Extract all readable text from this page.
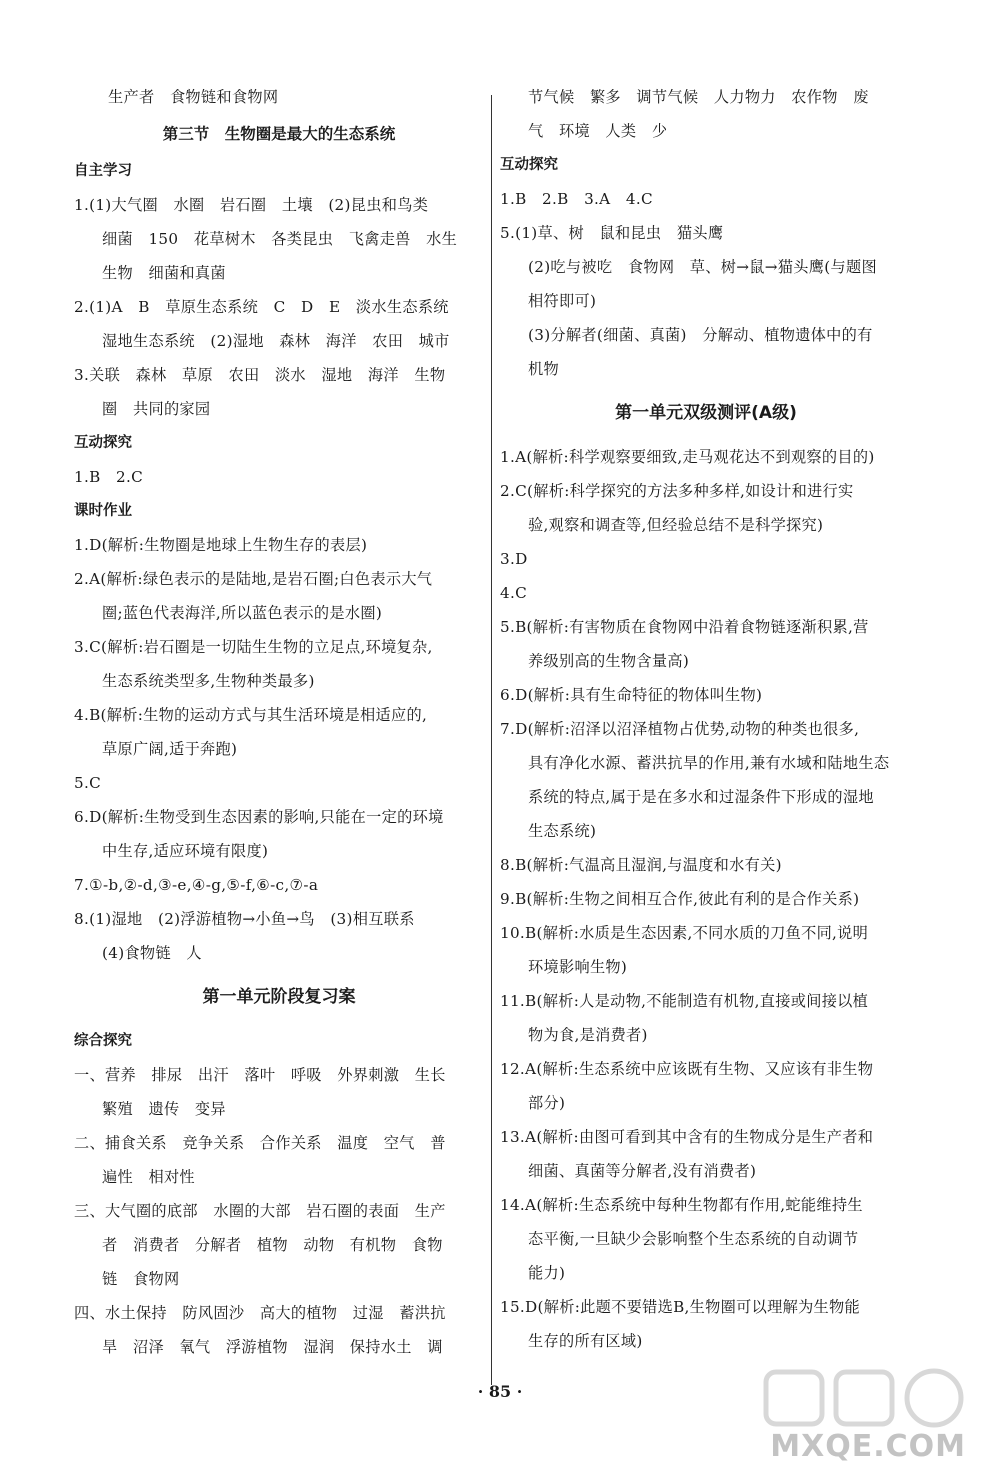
生产者　食物链和食物网
第三节　生物圈是最大的生态系统
自主学习
1.(1)大气圈　水圈　岩石圈　土壤　(2)昆虫和鸟类
细菌　150　花草树木　各类昆虫　飞禽走兽　水生
生物　细菌和真菌
2.(1)A　B　草原生态系统　C　D　E　淡水生态系统
湿地生态系统　(2)湿地　森林　海洋　农田　城市
3.关联　森林　草原　农田　淡水　湿地　海洋　生物
圈　共同的家园
互动探究
1.B　2.C
课时作业
1.D(解析:生物圈是地球上生物生存的表层)
2.A(解析:绿色表示的是陆地,是岩石圈;白色表示大气
圈;蓝色代表海洋,所以蓝色表示的是水圈)
3.C(解析:岩石圈是一切陆生生物的立足点,环境复杂,
生态系统类型多,生物种类最多)
4.B(解析:生物的运动方式与其生活环境是相适应的,
草原广阔,适于奔跑)
5.C
6.D(解析:生物受到生态因素的影响,只能在一定的环境
中生存,适应环境有限度)
7.①-b,②-d,③-e,④-g,⑤-f,⑥-c,⑦-a
8.(1)湿地　(2)浮游植物→小鱼→鸟　(3)相互联系
(4)食物链　人
第一单元阶段复习案
综合探究
一、营养　排尿　出汗　落叶　呼吸　外界刺激　生长
繁殖　遗传　变异
二、捕食关系　竞争关系　合作关系　温度　空气　普
遍性　相对性
三、大气圈的底部　水圈的大部　岩石圈的表面　生产
者　消费者　分解者　植物　动物　有机物　食物
链　食物网
四、水土保持　防风固沙　高大的植物　过湿　蓄洪抗
旱　沼泽　氧气　浮游植物　湿润　保持水土　调
节气候　繁多　调节气候　人力物力　农作物　废
气　环境　人类　少
互动探究
1.B　2.B　3.A　4.C
5.(1)草、树　鼠和昆虫　猫头鹰
(2)吃与被吃　食物网　草、树→鼠→猫头鹰(与题图
相符即可)
(3)分解者(细菌、真菌)　分解动、植物遗体中的有
机物
第一单元双级测评(A级)
1.A(解析:科学观察要细致,走马观花达不到观察的目的)
2.C(解析:科学探究的方法多种多样,如设计和进行实
验,观察和调查等,但经验总结不是科学探究)
3.D
4.C
5.B(解析:有害物质在食物网中沿着食物链逐渐积累,营
养级别高的生物含量高)
6.D(解析:具有生命特征的物体叫生物)
7.D(解析:沼泽以沼泽植物占优势,动物的种类也很多,
具有净化水源、蓄洪抗旱的作用,兼有水域和陆地生态
系统的特点,属于是在多水和过湿条件下形成的湿地
生态系统)
8.B(解析:气温高且湿润,与温度和水有关)
9.B(解析:生物之间相互合作,彼此有利的是合作关系)
10.B(解析:水质是生态因素,不同水质的刀鱼不同,说明
环境影响生物)
11.B(解析:人是动物,不能制造有机物,直接或间接以植
物为食,是消费者)
12.A(解析:生态系统中应该既有生物、又应该有非生物
部分)
13.A(解析:由图可看到其中含有的生物成分是生产者和
细菌、真菌等分解者,没有消费者)
14.A(解析:生态系统中每种生物都有作用,蛇能维持生
态平衡,一旦缺少会影响整个生态系统的自动调节
能力)
15.D(解析:此题不要错选B,生物圈可以理解为生物能
生存的所有区域)
· 85 ·
MXQE.COM
